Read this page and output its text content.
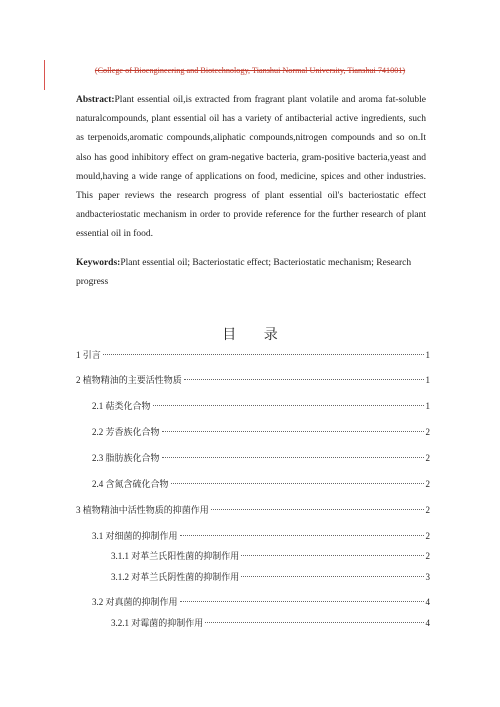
(College of Bioengineering and Biotechnology, Tianshui Normal University, Tianshui 741001)
Abstract:Plant essential oil,is extracted from fragrant plant volatile and aroma fat-soluble naturalcompounds, plant essential oil has a variety of antibacterial active ingredients, such as terpenoids,aromatic compounds,aliphatic compounds,nitrogen compounds and so on.It also has good inhibitory effect on gram-negative bacteria, gram-positive bacteria,yeast and mould,having a wide range of applications on food, medicine, spices and other industries. This paper reviews the research progress of plant essential oil's bacteriostatic effect andbacteriostatic mechanism in order to provide reference for the further research of plant essential oil in food.
Keywords:Plant essential oil; Bacteriostatic effect; Bacteriostatic mechanism; Research progress
目 录
1 引言	1
2 植物精油的主要活性物质	1
2.1 萜类化合物	1
2.2 芳香族化合物	2
2.3 脂肪族化合物	2
2.4 含氮含硫化合物	2
3 植物精油中活性物质的抑菌作用	2
3.1 对细菌的抑制作用	2
3.1.1 对革兰氏阳性菌的抑制作用	2
3.1.2 对革兰氏阴性菌的抑制作用	3
3.2 对真菌的抑制作用	4
3.2.1 对霉菌的抑制作用	4
